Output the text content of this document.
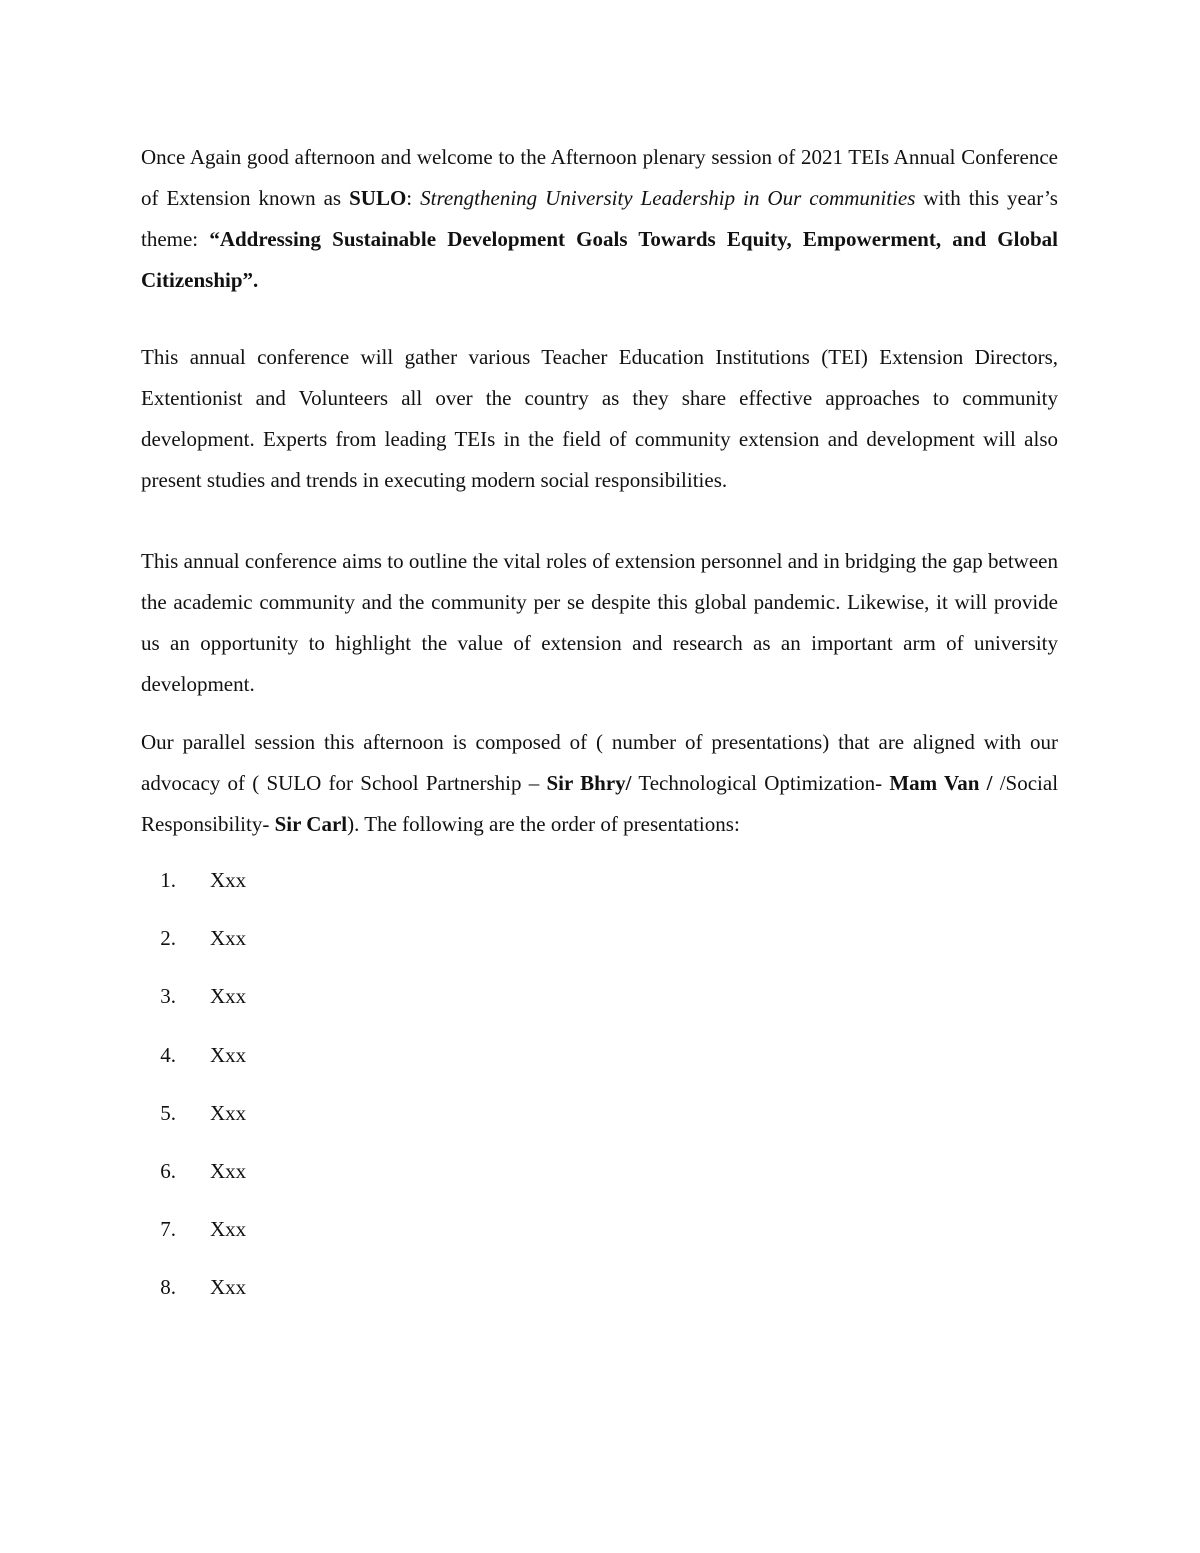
Once Again good afternoon and welcome to the Afternoon plenary session of 2021 TEIs Annual Conference of Extension known as SULO: Strengthening University Leadership in Our communities with this year’s theme: “Addressing Sustainable Development Goals Towards Equity, Empowerment, and Global Citizenship”.

This annual conference will gather various Teacher Education Institutions (TEI) Extension Directors, Extentionist and Volunteers all over the country as they share effective approaches to community development. Experts from leading TEIs in the field of community extension and development will also present studies and trends in executing modern social responsibilities.

This annual conference aims to outline the vital roles of extension personnel and in bridging the gap between the academic community and the community per se despite this global pandemic. Likewise, it will provide us an opportunity to highlight the value of extension and research as an important arm of university development.

Our parallel session this afternoon is composed of ( number of presentations) that are aligned with our advocacy of ( SULO for School Partnership – Sir Bhry/ Technological Optimization- Mam Van / /Social Responsibility- Sir Carl). The following are the order of presentations:

1. Xxx
2. Xxx
3. Xxx
4. Xxx
5. Xxx
6. Xxx
7. Xxx
8. Xxx
